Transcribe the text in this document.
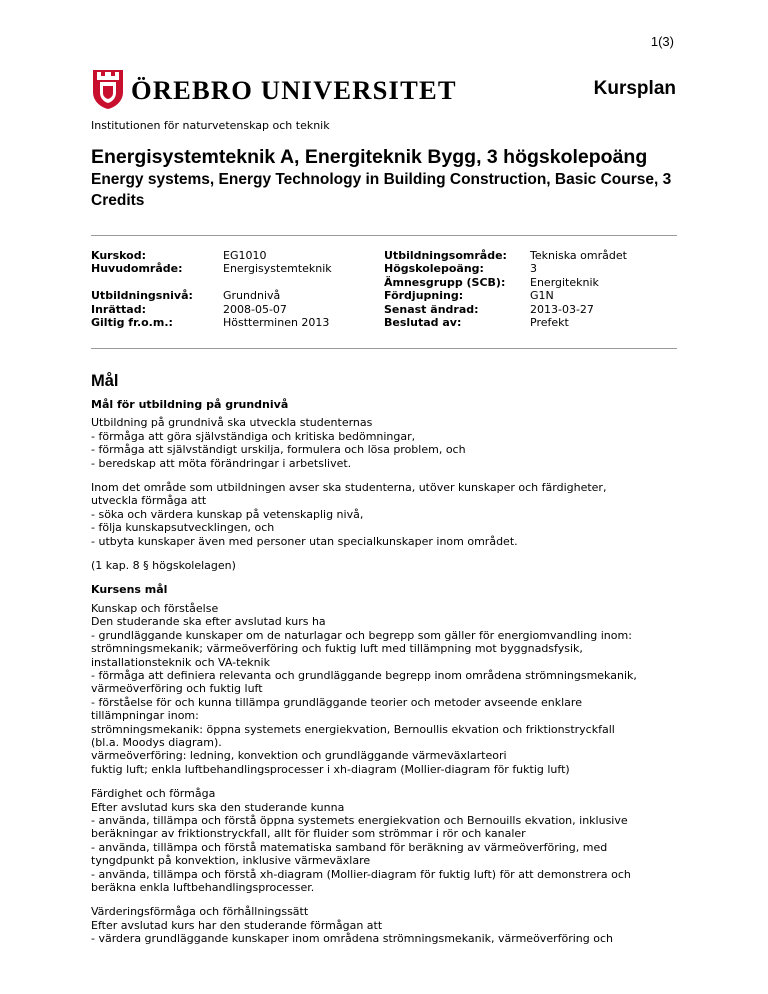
1(3)
ÖREBRO UNIVERSITET	Kursplan
Institutionen för naturvetenskap och teknik
Energisystemteknik A, Energiteknik Bygg, 3 högskolepoäng
Energy systems, Energy Technology in Building Construction, Basic Course, 3 Credits
Kurskod:
Huvudområde:
Utbildningsnivå:
Inrättad:
Giltig fr.o.m.:
EG1010
Energisystemteknik
Grundnivå
2008-05-07
Höstterminen 2013
Utbildningsområde:
Högskolepoäng:
Ämnesgrupp (SCB):
Fördjupning:
Senast ändrad:
Beslutad av:
Tekniska området
3
Energiteknik
G1N
2013-03-27
Prefekt
Mål
Mål för utbildning på grundnivå
Utbildning på grundnivå ska utveckla studenternas
- förmåga att göra självständiga och kritiska bedömningar,
- förmåga att självständigt urskilja, formulera och lösa problem, och
- beredskap att möta förändringar i arbetslivet.
Inom det område som utbildningen avser ska studenterna, utöver kunskaper och färdigheter,
utveckla förmåga att
- söka och värdera kunskap på vetenskaplig nivå,
- följa kunskapsutvecklingen, och
- utbyta kunskaper även med personer utan specialkunskaper inom området.
(1 kap. 8 § högskolelagen)
Kursens mål
Kunskap och förståelse
Den studerande ska efter avslutad kurs ha
- grundläggande kunskaper om de naturlagar och begrepp som gäller för energiomvandling inom:
strömningsmekanik; värmeöverföring och fuktig luft med tillämpning mot byggnadsfysik,
installationsteknik och VA-teknik
- förmåga att definiera relevanta och grundläggande begrepp inom områdena strömningsmekanik,
värmeöverföring och fuktig luft
- förståelse för och kunna tillämpa grundläggande teorier och metoder avseende enklare
tillämpningar inom:
strömningsmekanik: öppna systemets energiekvation, Bernoullis ekvation och friktionstryckfall
(bl.a. Moodys diagram).
värmeöverföring: ledning, konvektion och grundläggande värmeväxlarteori
fuktig luft; enkla luftbehandlingsprocesser i xh-diagram (Mollier-diagram för fuktig luft)
Färdighet och förmåga
Efter avslutad kurs ska den studerande kunna
- använda, tillämpa och förstå öppna systemets energiekvation och Bernouills ekvation, inklusive
beräkningar av friktionstryckfall, allt för fluider som strömmar i rör och kanaler
- använda, tillämpa och förstå matematiska samband för beräkning av värmeöverföring, med
tyngdpunkt på konvektion, inklusive värmeväxlare
- använda, tillämpa och förstå xh-diagram (Mollier-diagram för fuktig luft) för att demonstrera och
beräkna enkla luftbehandlingsprocesser.
Värderingsförmåga och förhållningssätt
Efter avslutad kurs har den studerande förmågan att
- värdera grundläggande kunskaper inom områdena strömningsmekanik, värmeöverföring och
